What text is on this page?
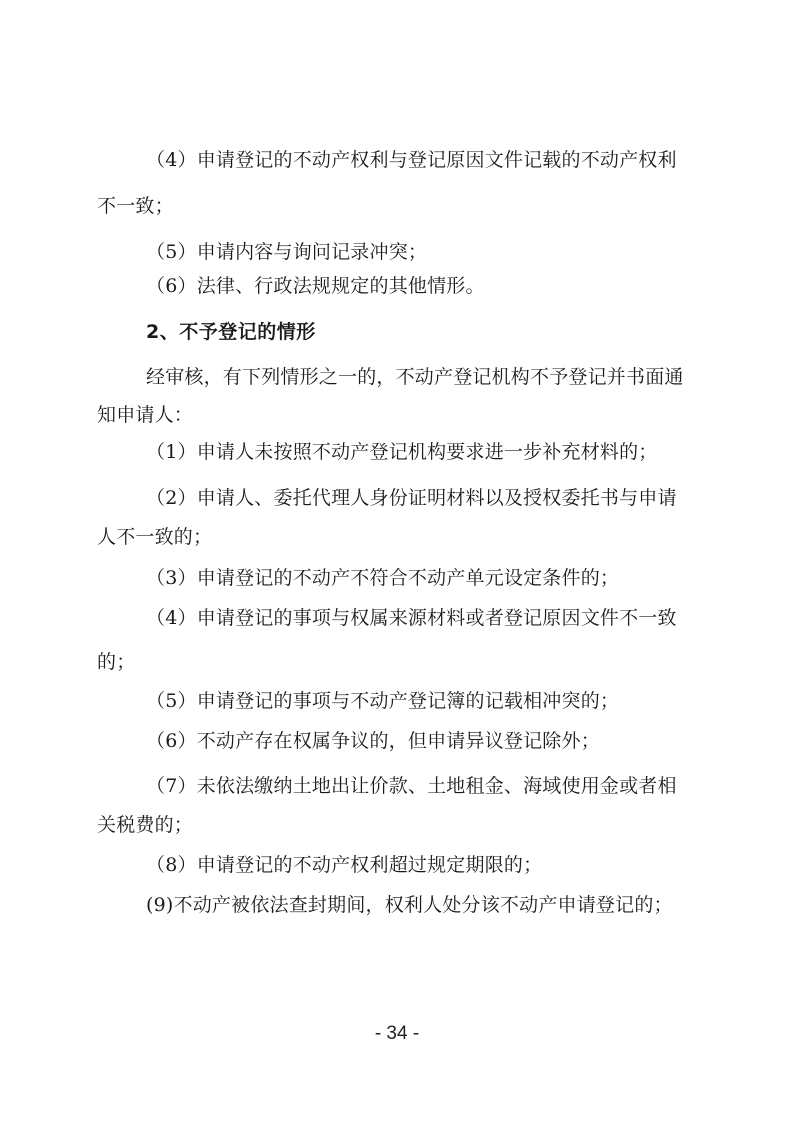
（4）申请登记的不动产权利与登记原因文件记载的不动产权利
不一致；
（5）申请内容与询问记录冲突；
（6）法律、行政法规规定的其他情形。
2、不予登记的情形
经审核，有下列情形之一的，不动产登记机构不予登记并书面通
知申请人：
（1）申请人未按照不动产登记机构要求进一步补充材料的；
（2）申请人、委托代理人身份证明材料以及授权委托书与申请
人不一致的；
（3）申请登记的不动产不符合不动产单元设定条件的；
（4）申请登记的事项与权属来源材料或者登记原因文件不一致
的；
（5）申请登记的事项与不动产登记簿的记载相冲突的；
（6）不动产存在权属争议的，但申请异议登记除外；
（7）未依法缴纳土地出让价款、土地租金、海域使用金或者相
关税费的；
（8）申请登记的不动产权利超过规定期限的；
(9)不动产被依法查封期间，权利人处分该不动产申请登记的；
- 34 -
